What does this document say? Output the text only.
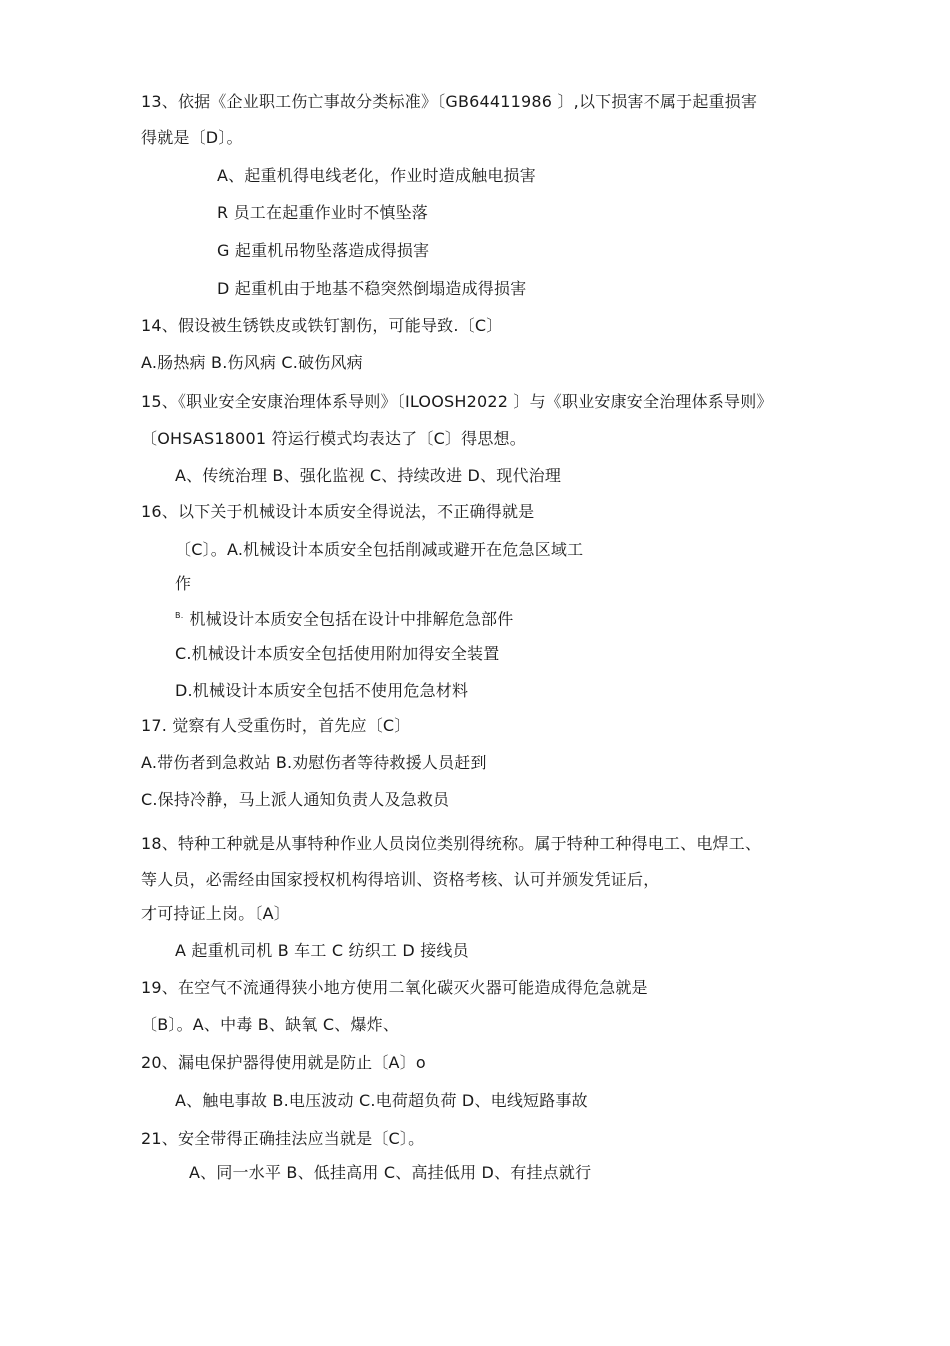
13、依据《企业职工伤亡事故分类标准》〔GB64411986 〕,以下损害不属于起重损害
得就是〔D〕。
A、起重机得电线老化，作业时造成触电损害
R 员工在起重作业时不慎坠落
G 起重机吊物坠落造成得损害
D 起重机由于地基不稳突然倒塌造成得损害
14、假设被生锈铁皮或铁钉割伤，可能导致.〔C〕
A.肠热病 B.伤风病 C.破伤风病
15、《职业安全安康治理体系导则》〔ILOOSH2022 〕与《职业安康安全治理体系导则》
〔OHSAS18001 符运行模式均表达了〔C〕得思想。
A、传统治理 B、强化监视 C、持续改进 D、现代治理
16、以下关于机械设计本质安全得说法，不正确得就是
〔C〕。A.机械设计本质安全包括削减或避开在危急区域工
作
$^{B.}$ 机械设计本质安全包括在设计中排解危急部件
C.机械设计本质安全包括使用附加得安全装置
D.机械设计本质安全包括不使用危急材料
17. 觉察有人受重伤时，首先应〔C〕
A.带伤者到急救站 B.劝慰伤者等待救援人员赶到
C.保持冷静，马上派人通知负责人及急救员
18、特种工种就是从事特种作业人员岗位类别得统称。属于特种工种得电工、电焊工、
等人员，必需经由国家授权机构得培训、资格考核、认可并颁发凭证后，
才可持证上岗。〔A〕
A 起重机司机 B 车工 C 纺织工 D 接线员
19、在空气不流通得狭小地方使用二氧化碳灭火器可能造成得危急就是
〔B〕。A、中毒 B、缺氧 C、爆炸、
20、漏电保护器得使用就是防止〔A〕o
A、触电事故 B.电压波动 C.电荷超负荷 D、电线短路事故
21、安全带得正确挂法应当就是〔C〕。
A、同一水平 B、低挂高用 C、高挂低用 D、有挂点就行
